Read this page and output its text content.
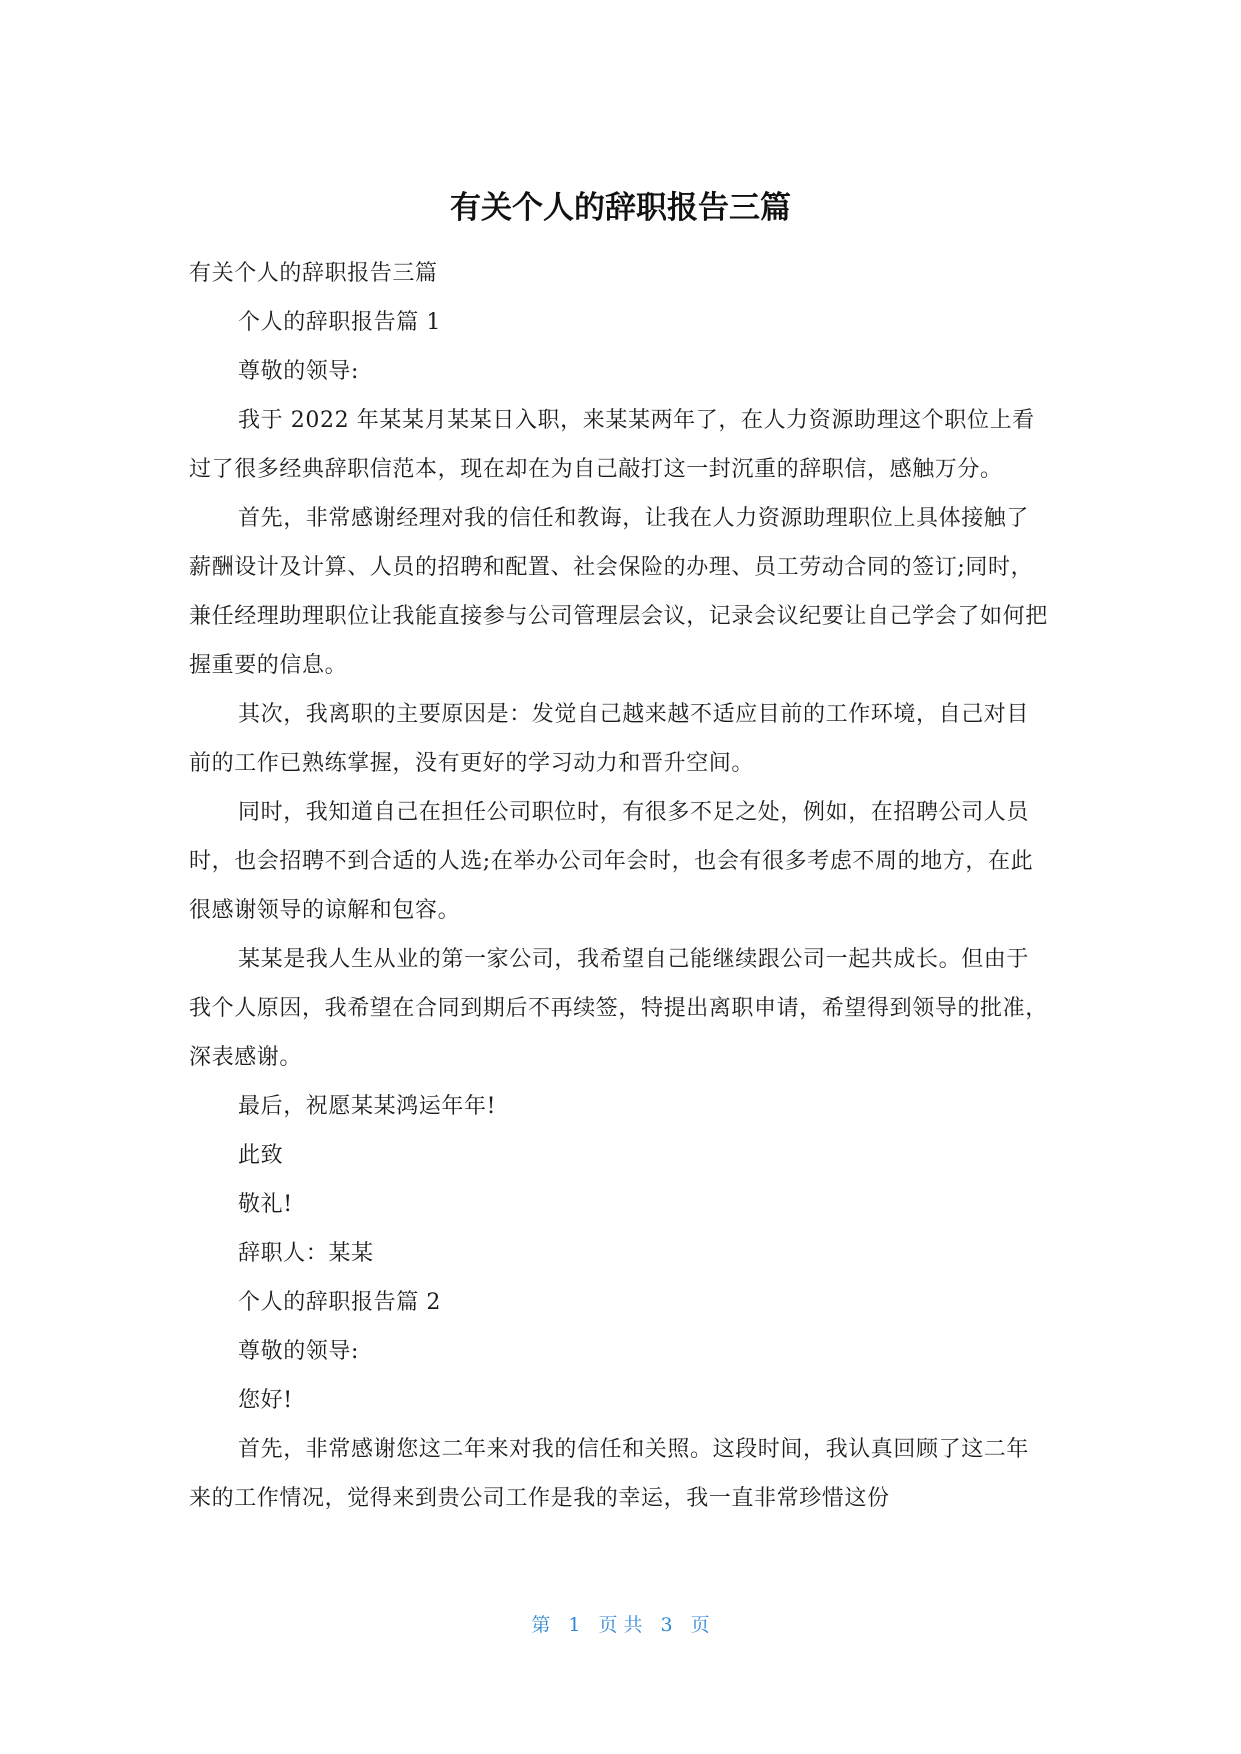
有关个人的辞职报告三篇

有关个人的辞职报告三篇

个人的辞职报告篇 1

尊敬的领导:

我于 2022 年某某月某某日入职，来某某两年了，在人力资源助理这个职位上看过了很多经典辞职信范本，现在却在为自己敲打这一封沉重的辞职信，感触万分。

首先，非常感谢经理对我的信任和教诲，让我在人力资源助理职位上具体接触了薪酬设计及计算、人员的招聘和配置、社会保险的办理、员工劳动合同的签订;同时，兼任经理助理职位让我能直接参与公司管理层会议，记录会议纪要让自己学会了如何把握重要的信息。

其次，我离职的主要原因是：发觉自己越来越不适应目前的工作环境，自己对目前的工作已熟练掌握，没有更好的学习动力和晋升空间。

同时，我知道自己在担任公司职位时，有很多不足之处，例如，在招聘公司人员时，也会招聘不到合适的人选;在举办公司年会时，也会有很多考虑不周的地方，在此很感谢领导的谅解和包容。

某某是我人生从业的第一家公司，我希望自己能继续跟公司一起共成长。但由于我个人原因，我希望在合同到期后不再续签，特提出离职申请，希望得到领导的批准，深表感谢。

最后，祝愿某某鸿运年年!

此致

敬礼!

辞职人：某某

个人的辞职报告篇 2

尊敬的领导:

您好!

首先，非常感谢您这二年来对我的信任和关照。这段时间，我认真回顾了这二年来的工作情况，觉得来到贵公司工作是我的幸运，我一直非常珍惜这份

第 1 页 共 3 页
